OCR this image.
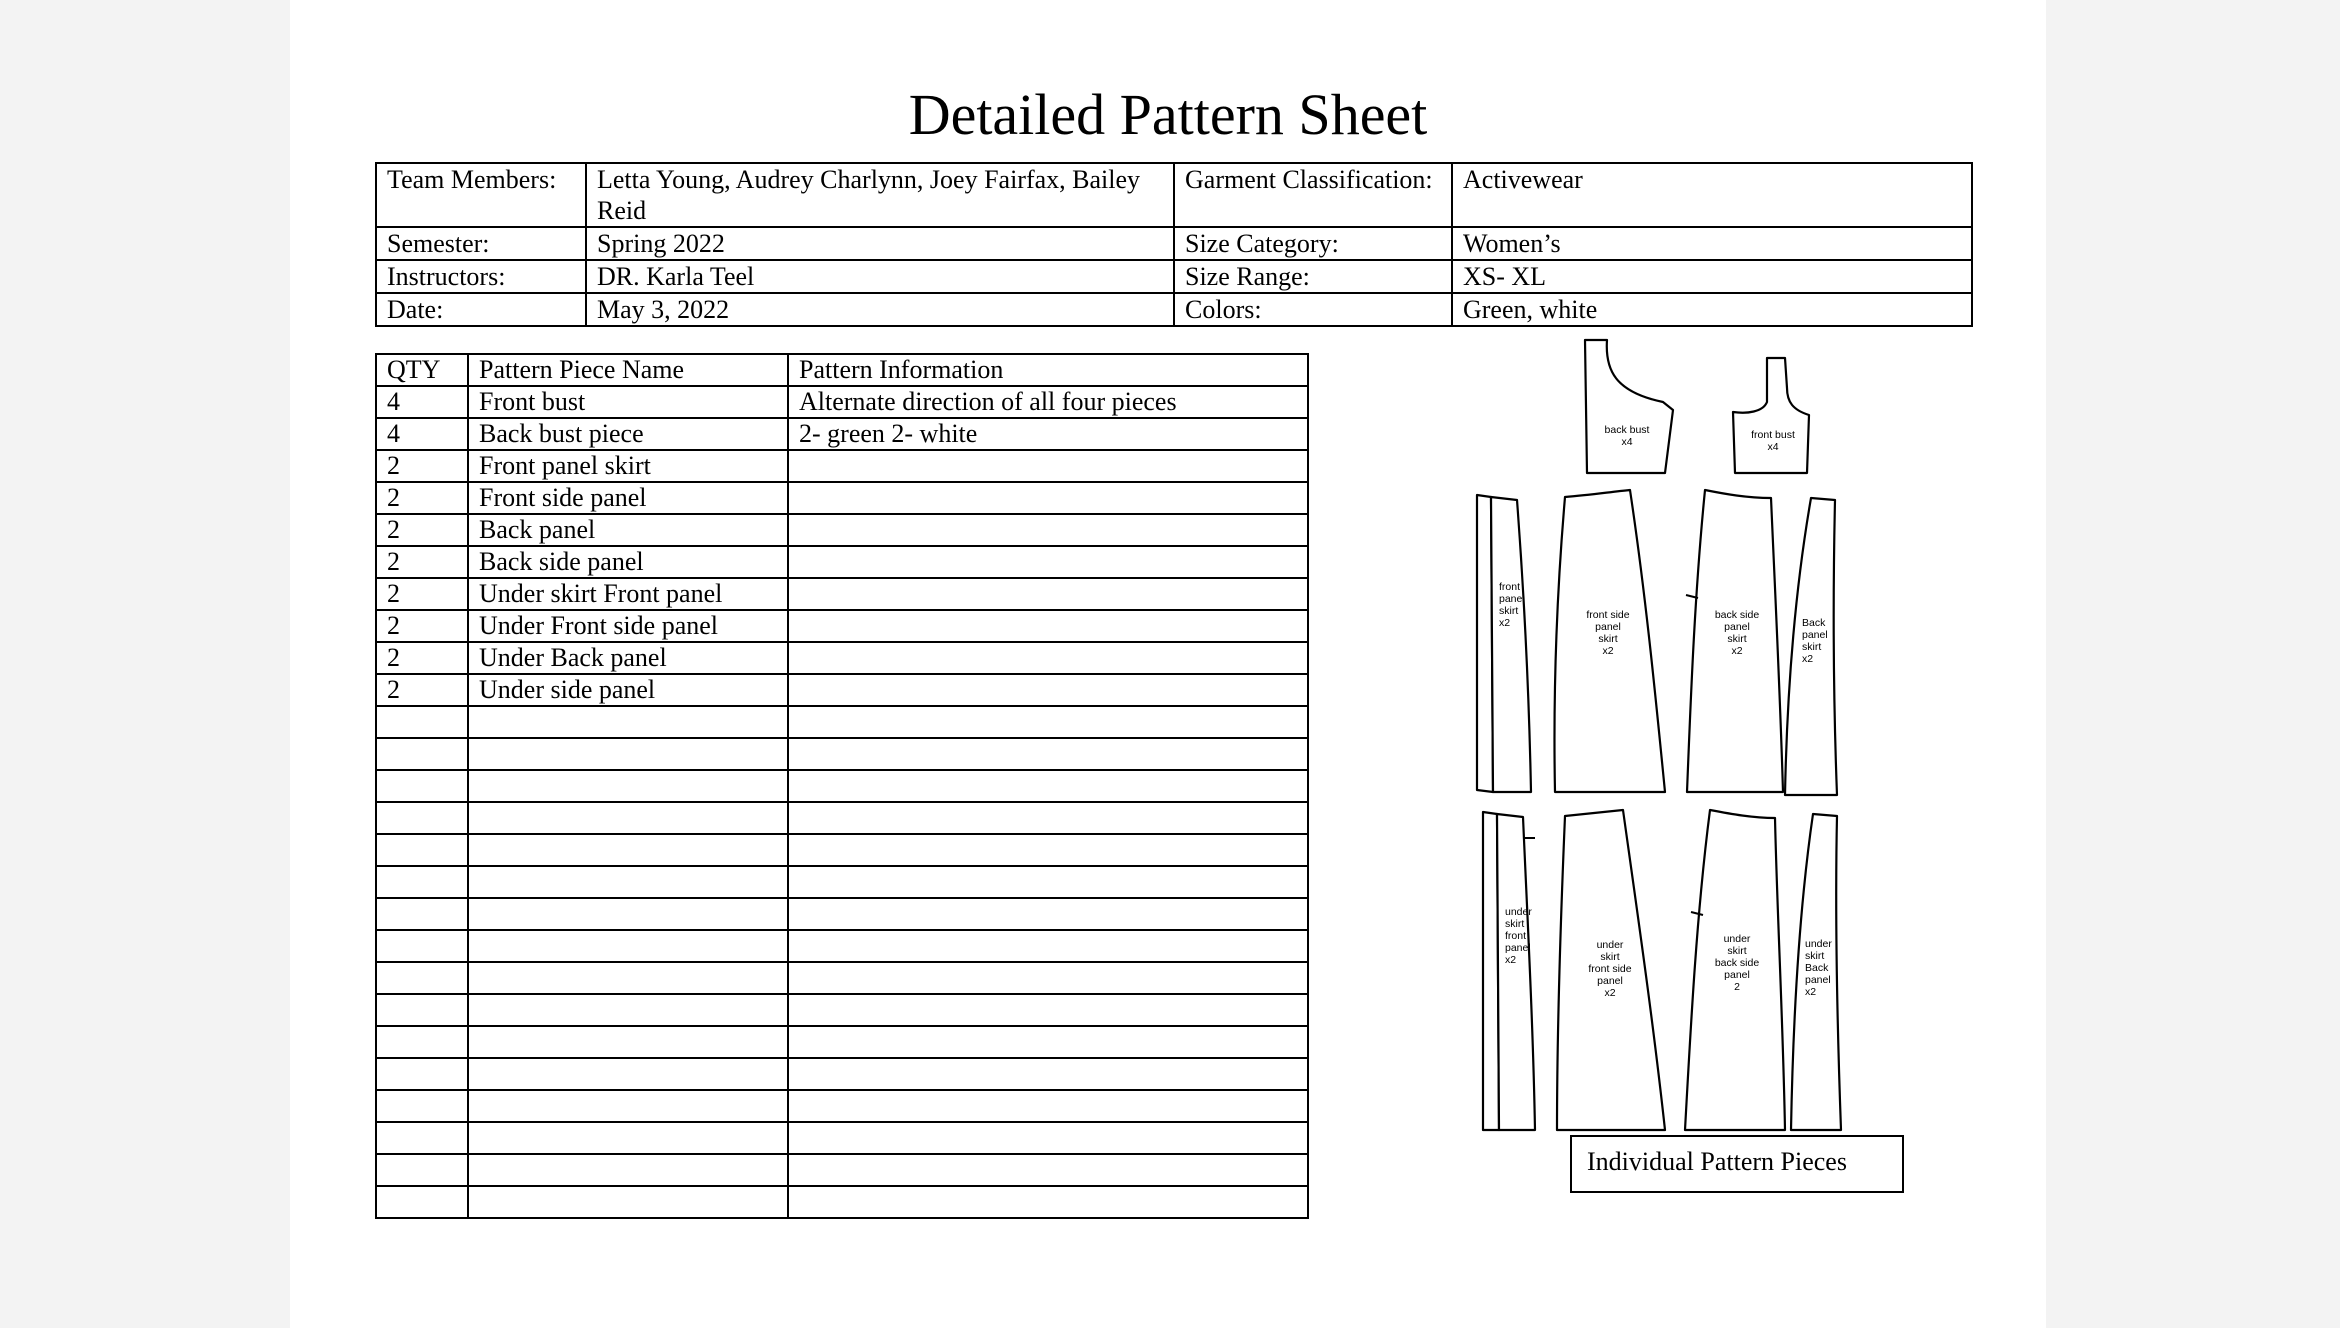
Detailed Pattern Sheet
Team Members:	Letta Young, Audrey Charlynn, Joey Fairfax, Bailey Reid	Garment Classification:	Activewear
Semester:	Spring 2022	Size Category:	Women’s
Instructors:	DR. Karla Teel	Size Range:	XS- XL
Date:	May 3, 2022	Colors:	Green, white
QTY	Pattern Piece Name	Pattern Information
4	Front bust	Alternate direction of all four pieces
4	Back bust piece	2- green 2- white
2	Front panel skirt	
2	Front side panel	
2	Back panel	
2	Back side panel	
2	Under skirt Front panel	
2	Under Front side panel	
2	Under Back panel	
2	Under side panel	

back bust x4
front bust x4
front panel skirt x2
front side panel skirt x2
back side panel skirt x2
Back panel skirt x2
under skirt front panel x2
under skirt front side panel x2
under skirt back side panel 2
under skirt Back panel x2
Individual Pattern Pieces
